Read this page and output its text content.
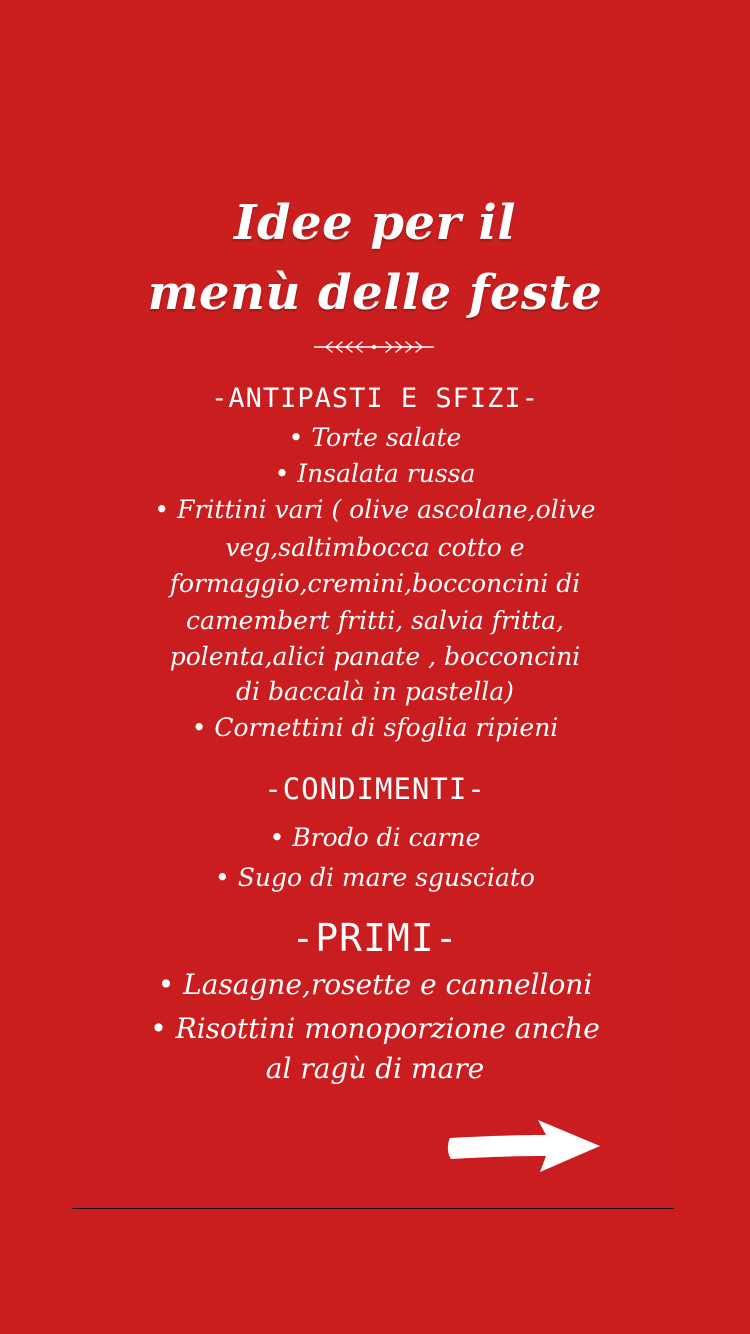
Idee per il
menù delle feste
-ANTIPASTI E SFIZI-
• Torte salate
• Insalata russa
• Frittini vari ( olive ascolane,olive
veg,saltimbocca cotto e
formaggio,cremini,bocconcini di
camembert fritti, salvia fritta,
polenta,alici panate , bocconcini
di baccalà in pastella)
• Cornettini di sfoglia ripieni
-CONDIMENTI-
• Brodo di carne
• Sugo di mare sgusciato
-PRIMI-
• Lasagne,rosette e cannelloni
• Risottini monoporzione anche
al ragù di mare
